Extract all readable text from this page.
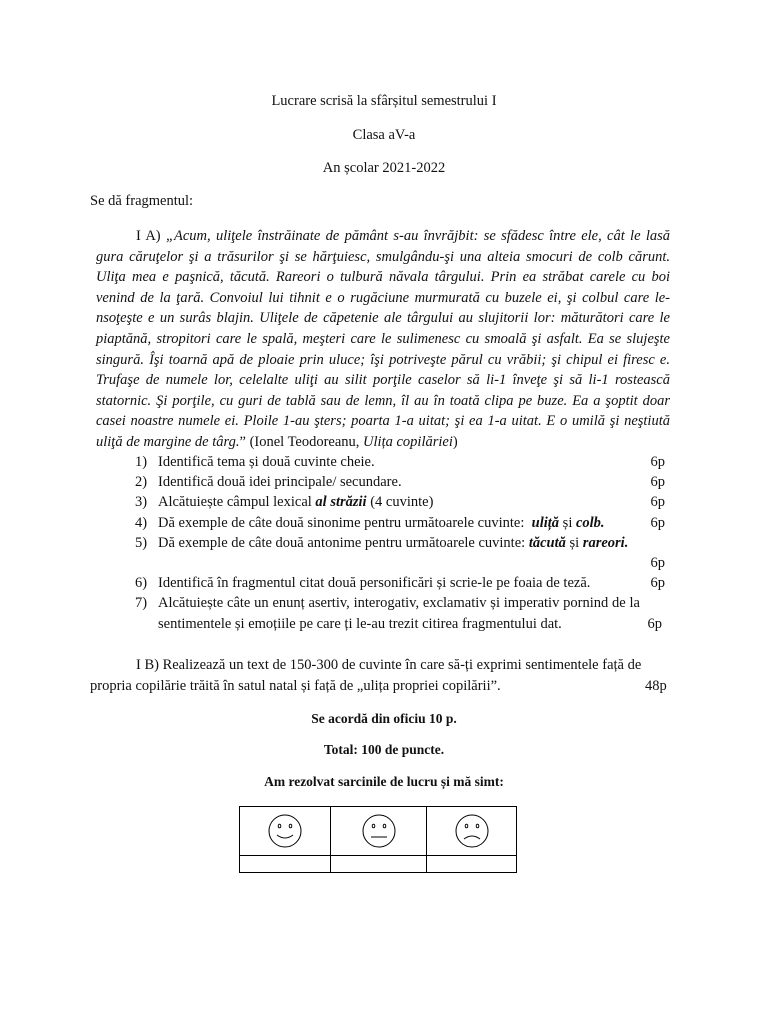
Lucrare scrisă la sfârșitul semestrului I
Clasa aV-a
An școlar 2021-2022
Se dă fragmentul:

I A) „Acum, uliţele înstrăinate de pământ s-au învrăjbit: se sfădesc între ele, cât le lasă gura căruţelor şi a trăsurilor şi se hărţuiesc, smulgându-şi una alteia smocuri de colb cărunt. Uliţa mea e paşnică, tăcută. Rareori o tulbură năvala târgului. Prin ea străbat carele cu boi venind de la ţară. Convoiul lui tihnit e o rugăciune murmurată cu buzele ei, şi colbul care le-nsoţeşte e un surâs blajin. Uliţele de căpetenie ale târgului au slujitorii lor: măturători care le piaptănă, stropitori care le spală, meşteri care le sulimenesc cu smoală şi asfalt. Ea se slujeşte singură. Îşi toarnă apă de ploaie prin uluce; îşi potriveşte părul cu vrăbii; şi chipul ei firesc e. Trufaşe de numele lor, celelalte uliţi au silit porţile caselor să li-1 înveţe şi să li-1 rostească statornic. Şi porţile, cu guri de tablă sau de lemn, îl au în toată clipa pe buze. Ea a şoptit doar casei noastre numele ei. Ploile 1-au şters; poarta 1-a uitat; şi ea 1-a uitat. E o umilă şi neştiută uliţă de margine de târg.” (Ionel Teodoreanu, Ulița copilăriei)

1) Identifică tema și două cuvinte cheie.	6p
2) Identifică două idei principale/ secundare.	6p
3) Alcătuiește câmpul lexical al străzii (4 cuvinte)	6p
4) Dă exemple de câte două sinonime pentru următoarele cuvinte:  uliță și colb.	6p
5) Dă exemple de câte două antonime pentru următoarele cuvinte: tăcută și rareori.
6p
6) Identifică în fragmentul citat două personificări și scrie-le pe foaia de teză.	6p
7) Alcătuiește câte un enunț asertiv, interogativ, exclamativ și imperativ pornind de la sentimentele și emoțiile pe care ți le-au trezit citirea fragmentului dat.	6p
I B) Realizează un text de 150-300 de cuvinte în care să-ți exprimi sentimentele față de
propria copilărie trăită în satul natal și față de „ulița propriei copilării”.	48p
Se acordă din oficiu 10 p.
Total: 100 de puncte.
Am rezolvat sarcinile de lucru și mă simt:
